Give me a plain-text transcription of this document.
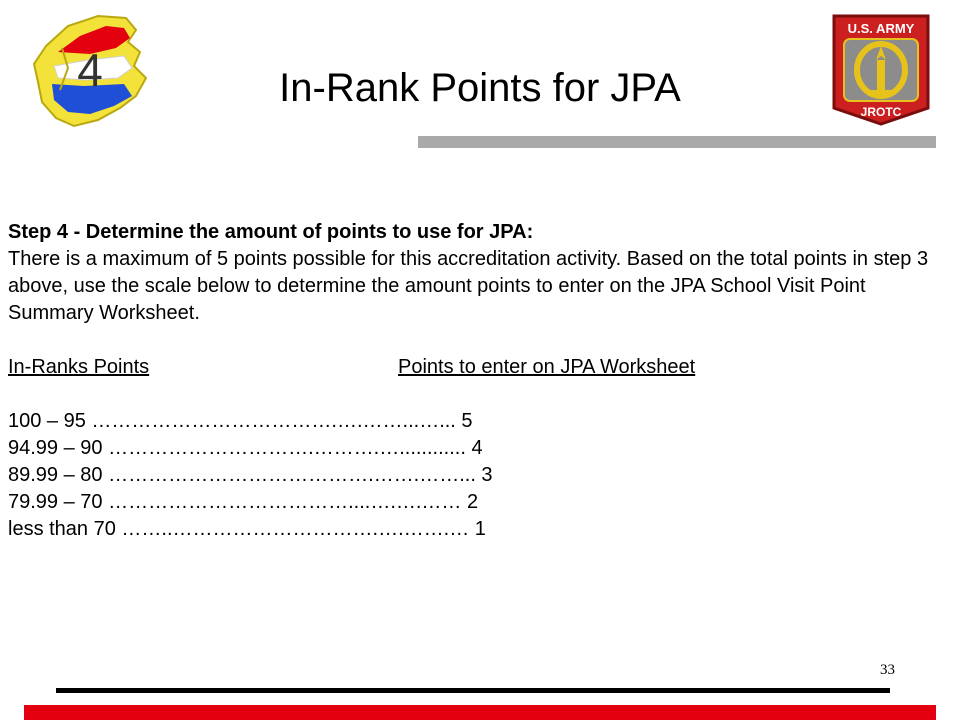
4	In-Rank Points for JPA
U.S. ARMY
JROTC

Step 4 - Determine the amount of points to use for JPA:

There is a maximum of 5 points possible for this accreditation activity. Based on the total points in step 3 above, use the scale below to determine the amount points to enter on the JPA School Visit Point Summary Worksheet.

In-Ranks Points	Points to enter on JPA Worksheet

100 – 95 ……………………………….….……...…... 5

94.99 – 90 ………………………….……….…............ 4

89.99 – 80 ………………………………….…….……... 3

79.99 – 70 ………………………………....….….…… 2

less than 70 ……..………………………….….…….… 1

33
